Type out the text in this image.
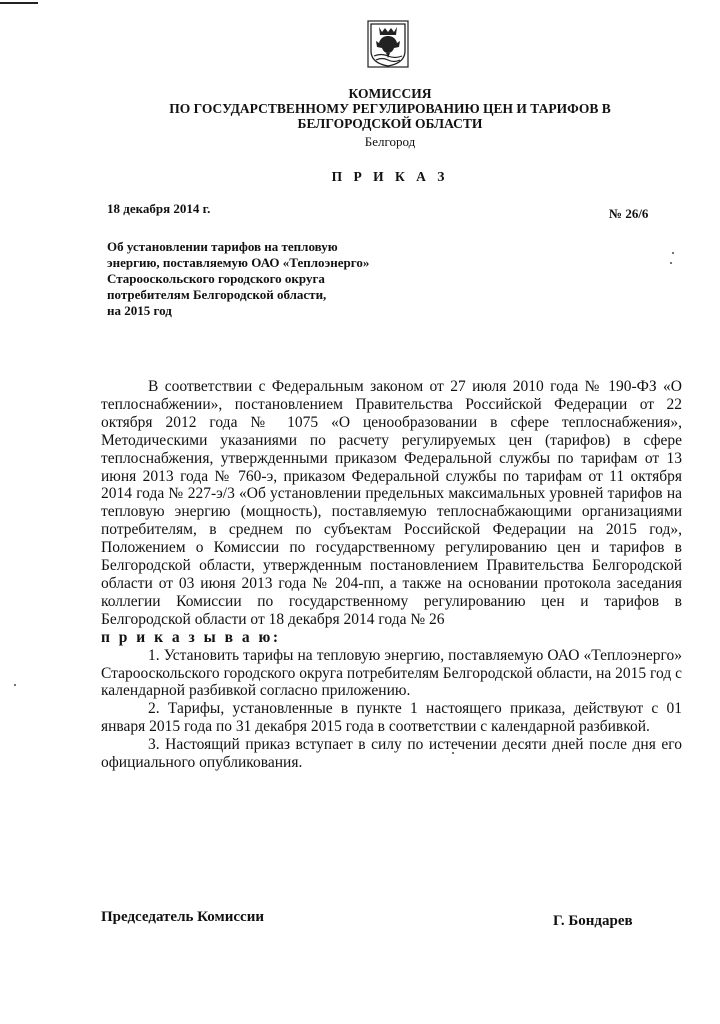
КОМИССИЯ
ПО ГОСУДАРСТВЕННОМУ РЕГУЛИРОВАНИЮ ЦЕН И ТАРИФОВ В
БЕЛГОРОДСКОЙ ОБЛАСТИ
Белгород
П Р И К А З
18 декабря 2014 г.	№ 26/6
Об установлении тарифов на тепловую
энергию, поставляемую ОАО «Теплоэнерго»
Старооскольского городского округа
потребителям Белгородской области,
на 2015 год

В соответствии с Федеральным законом от 27 июля 2010 года № 190-ФЗ «О теплоснабжении», постановлением Правительства Российской Федерации от 22 октября 2012 года № 1075 «О ценообразовании в сфере теплоснабжения», Методическими указаниями по расчету регулируемых цен (тарифов) в сфере теплоснабжения, утвержденными приказом Федеральной службы по тарифам от 13 июня 2013 года № 760-э, приказом Федеральной службы по тарифам от 11 октября 2014 года № 227-э/3 «Об установлении предельных максимальных уровней тарифов на тепловую энергию (мощность), поставляемую теплоснабжающими организациями потребителям, в среднем по субъектам Российской Федерации на 2015 год», Положением о Комиссии по государственному регулированию цен и тарифов в Белгородской области, утвержденным постановлением Правительства Белгородской области от 03 июня 2013 года № 204-пп, а также на основании протокола заседания коллегии Комиссии по государственному регулированию цен и тарифов в Белгородской области от 18 декабря 2014 года № 26

п р и к а з ы в а ю:

1. Установить тарифы на тепловую энергию, поставляемую ОАО «Теплоэнерго» Старооскольского городского округа потребителям Белгородской области, на 2015 год с календарной разбивкой согласно приложению.

2. Тарифы, установленные в пункте 1 настоящего приказа, действуют с 01 января 2015 года по 31 декабря 2015 года в соответствии с календарной разбивкой.

3. Настоящий приказ вступает в силу по истечении десяти дней после дня его официального опубликования.

Председатель Комиссии	Г. Бондарев
